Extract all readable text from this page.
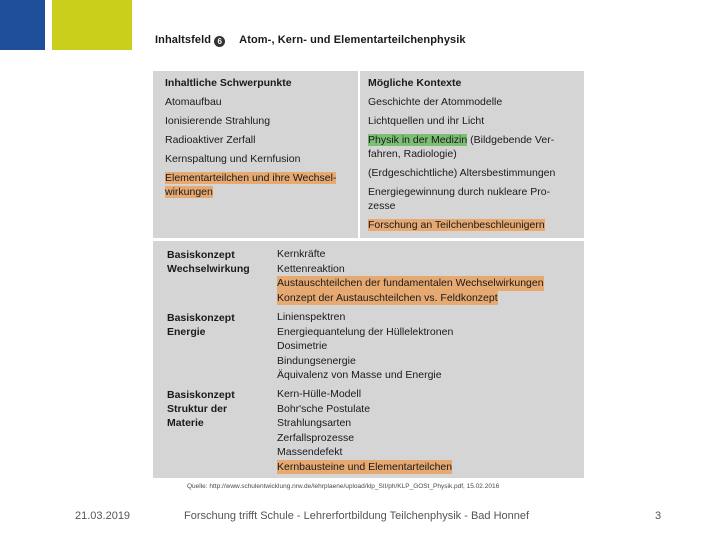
Inhaltsfeld 6 Atom-, Kern- und Elementarteilchenphysik
Inhaltliche Schwerpunkte
Atomaufbau
Ionisierende Strahlung
Radioaktiver Zerfall
Kernspaltung und Kernfusion
Elementarteilchen und ihre Wechsel-
wirkungen
Mögliche Kontexte
Geschichte der Atommodelle
Lichtquellen und ihr Licht
Physik in der Medizin (Bildgebende Ver-
fahren, Radiologie)
(Erdgeschichtliche) Altersbestimmungen
Energiegewinnung durch nukleare Pro-
zesse
Forschung an Teilchenbeschleunigern
Basiskonzept
Wechselwirkung
Kernkräfte
Kettenreaktion
Austauschteilchen der fundamentalen Wechselwirkungen
Konzept der Austauschteilchen vs. Feldkonzept
Basiskonzept
Energie
Linienspektren
Energiequantelung der Hüllelektronen
Dosimetrie
Bindungsenergie
Äquivalenz von Masse und Energie
Basiskonzept
Struktur der
Materie
Kern-Hülle-Modell
Bohr'sche Postulate
Strahlungsarten
Zerfallsprozesse
Massendefekt
Kernbausteine und Elementarteilchen
Quelle: http://www.schulentwicklung.nrw.de/lehrplaene/upload/klp_SII/ph/KLP_GOSt_Physik.pdf, 15.02.2016
21.03.2019	Forschung trifft Schule - Lehrerfortbildung Teilchenphysik - Bad Honnef	3
